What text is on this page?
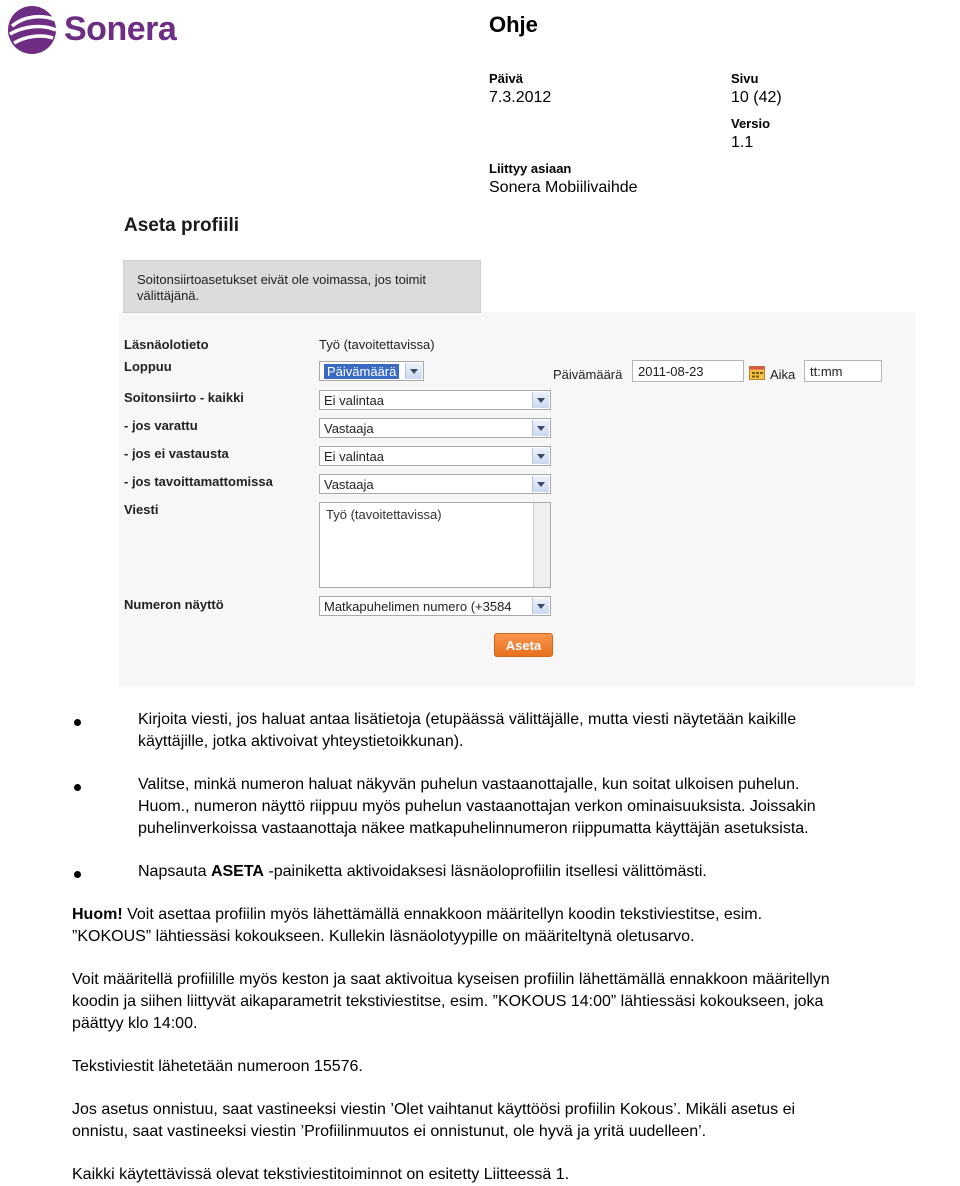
Sonera	Ohje
Päivä
7.3.2012
Sivu
10 (42)
Versio
1.1
Liittyy asiaan
Sonera Mobiilivaihde
Aseta profiili
Soitonsiirtoasetukset eivät ole voimassa, jos toimit välittäjänä.
Läsnäolotieto	Työ (tavoitettavissa)
Loppuu	Päivämäärä	Päivämäärä	2011-08-23	Aika	tt:mm
Soitonsiirto - kaikki	Ei valintaa
- jos varattu	Vastaaja
- jos ei vastausta	Ei valintaa
- jos tavoittamattomissa	Vastaaja
Viesti	Työ (tavoitettavissa)
Numeron näyttö	Matkapuhelimen numero (+3584
Aseta
Kirjoita viesti, jos haluat antaa lisätietoja (etupäässä välittäjälle, mutta viesti näytetään kaikille
käyttäjille, jotka aktivoivat yhteystietoikkunan).
Valitse, minkä numeron haluat näkyvän puhelun vastaanottajalle, kun soitat ulkoisen puhelun.
Huom., numeron näyttö riippuu myös puhelun vastaanottajan verkon ominaisuuksista. Joissakin
puhelinverkoissa vastaanottaja näkee matkapuhelinnumeron riippumatta käyttäjän asetuksista.
Napsauta ASETA -painiketta aktivoidaksesi läsnäoloprofiilin itsellesi välittömästi.
Huom! Voit asettaa profiilin myös lähettämällä ennakkoon määritellyn koodin tekstiviestitse, esim.
”KOKOUS” lähtiessäsi kokoukseen. Kullekin läsnäolotyypille on määriteltynä oletusarvo.
Voit määritellä profiilille myös keston ja saat aktivoitua kyseisen profiilin lähettämällä ennakkoon määritellyn
koodin ja siihen liittyvät aikaparametrit tekstiviestitse, esim. ”KOKOUS 14:00” lähtiessäsi kokoukseen, joka
päättyy klo 14:00.
Tekstiviestit lähetetään numeroon 15576.
Jos asetus onnistuu, saat vastineeksi viestin ’Olet vaihtanut käyttöösi profiilin Kokous’. Mikäli asetus ei
onnistu, saat vastineeksi viestin ’Profiilinmuutos ei onnistunut, ole hyvä ja yritä uudelleen’.
Kaikki käytettävissä olevat tekstiviestitoiminnot on esitetty Liitteessä 1.
